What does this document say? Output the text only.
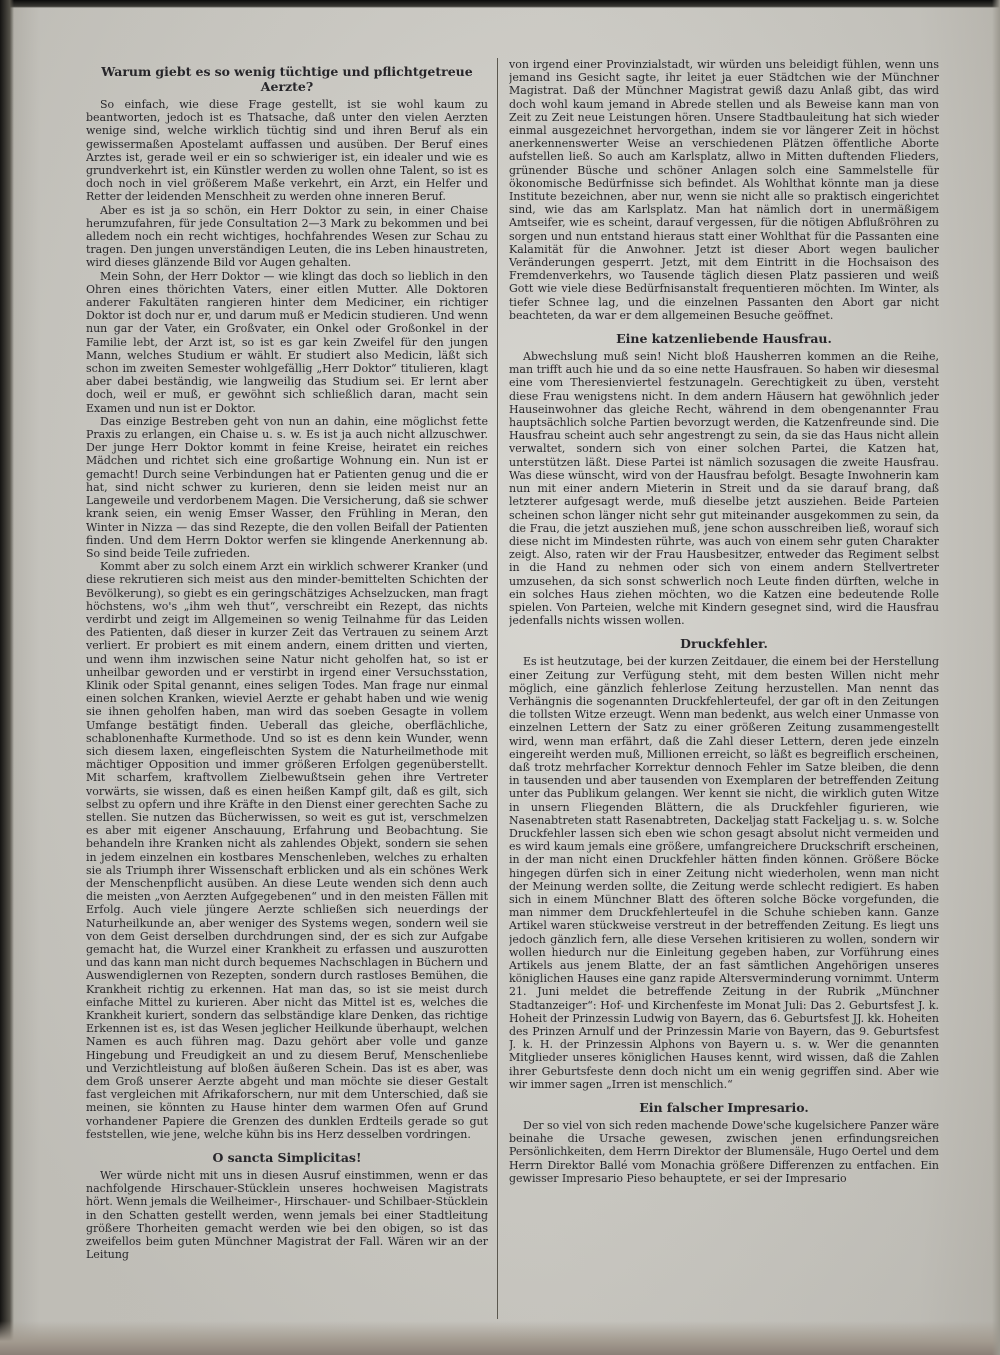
Warum giebt es so wenig tüchtige und pflichtgetreue Aerzte?

So einfach, wie diese Frage gestellt, ist sie wohl kaum zu beantworten, jedoch ist es Thatsache, daß unter den vielen Aerzten wenige sind, welche wirklich tüchtig sind und ihren Beruf als ein gewissermaßen Apostelamt auffassen und ausüben. Der Beruf eines Arztes ist, gerade weil er ein so schwieriger ist, ein idealer und wie es grundverkehrt ist, ein Künstler werden zu wollen ohne Talent, so ist es doch noch in viel größerem Maße verkehrt, ein Arzt, ein Helfer und Retter der leidenden Menschheit zu werden ohne inneren Beruf.

Aber es ist ja so schön, ein Herr Doktor zu sein, in einer Chaise herumzufahren, für jede Consultation 2—3 Mark zu bekommen und bei alledem noch ein recht wichtiges, hochfahrendes Wesen zur Schau zu tragen. Den jungen unverständigen Leuten, die ins Leben hinaustreten, wird dieses glänzende Bild vor Augen gehalten.

Mein Sohn, der Herr Doktor — wie klingt das doch so lieblich in den Ohren eines thörichten Vaters, einer eitlen Mutter. Alle Doktoren anderer Fakultäten rangieren hinter dem Mediciner, ein richtiger Doktor ist doch nur er, und darum muß er Medicin studieren. Und wenn nun gar der Vater, ein Großvater, ein Onkel oder Großonkel in der Familie lebt, der Arzt ist, so ist es gar kein Zweifel für den jungen Mann, welches Studium er wählt. Er studiert also Medicin, läßt sich schon im zweiten Semester wohlgefällig „Herr Doktor“ titulieren, klagt aber dabei beständig, wie langweilig das Studium sei. Er lernt aber doch, weil er muß, er gewöhnt sich schließlich daran, macht sein Examen und nun ist er Doktor.

Das einzige Bestreben geht von nun an dahin, eine möglichst fette Praxis zu erlangen, ein Chaise u. s. w. Es ist ja auch nicht allzuschwer. Der junge Herr Doktor kommt in feine Kreise, heiratet ein reiches Mädchen und richtet sich eine großartige Wohnung ein. Nun ist er gemacht! Durch seine Verbindungen hat er Patienten genug und die er hat, sind nicht schwer zu kurieren, denn sie leiden meist nur an Langeweile und verdorbenem Magen. Die Versicherung, daß sie schwer krank seien, ein wenig Emser Wasser, den Frühling in Meran, den Winter in Nizza — das sind Rezepte, die den vollen Beifall der Patienten finden. Und dem Herrn Doktor werfen sie klingende Anerkennung ab. So sind beide Teile zufrieden.

Kommt aber zu solch einem Arzt ein wirklich schwerer Kranker (und diese rekrutieren sich meist aus den minder-bemittelten Schichten der Bevölkerung), so giebt es ein geringschätziges Achselzucken, man fragt höchstens, wo's „ihm weh thut“, verschreibt ein Rezept, das nichts verdirbt und zeigt im Allgemeinen so wenig Teilnahme für das Leiden des Patienten, daß dieser in kurzer Zeit das Vertrauen zu seinem Arzt verliert. Er probiert es mit einem andern, einem dritten und vierten, und wenn ihm inzwischen seine Natur nicht geholfen hat, so ist er unheilbar geworden und er verstirbt in irgend einer Versuchsstation, Klinik oder Spital genannt, eines seligen Todes. Man frage nur einmal einen solchen Kranken, wieviel Aerzte er gehabt haben und wie wenig sie ihnen geholfen haben, man wird das soeben Gesagte in vollem Umfange bestätigt finden. Ueberall das gleiche, oberflächliche, schablonenhafte Kurmethode. Und so ist es denn kein Wunder, wenn sich diesem laxen, eingefleischten System die Naturheilmethode mit mächtiger Opposition und immer größeren Erfolgen gegenüberstellt. Mit scharfem, kraftvollem Zielbewußtsein gehen ihre Vertreter vorwärts, sie wissen, daß es einen heißen Kampf gilt, daß es gilt, sich selbst zu opfern und ihre Kräfte in den Dienst einer gerechten Sache zu stellen. Sie nutzen das Bücherwissen, so weit es gut ist, verschmelzen es aber mit eigener Anschauung, Erfahrung und Beobachtung. Sie behandeln ihre Kranken nicht als zahlendes Objekt, sondern sie sehen in jedem einzelnen ein kostbares Menschenleben, welches zu erhalten sie als Triumph ihrer Wissenschaft erblicken und als ein schönes Werk der Menschenpflicht ausüben. An diese Leute wenden sich denn auch die meisten „von Aerzten Aufgegebenen“ und in den meisten Fällen mit Erfolg. Auch viele jüngere Aerzte schließen sich neuerdings der Naturheilkunde an, aber weniger des Systems wegen, sondern weil sie von dem Geist derselben durchdrungen sind, der es sich zur Aufgabe gemacht hat, die Wurzel einer Krankheit zu erfassen und auszurotten und das kann man nicht durch bequemes Nachschlagen in Büchern und Auswendiglernen von Rezepten, sondern durch rastloses Bemühen, die Krankheit richtig zu erkennen. Hat man das, so ist sie meist durch einfache Mittel zu kurieren. Aber nicht das Mittel ist es, welches die Krankheit kuriert, sondern das selbständige klare Denken, das richtige Erkennen ist es, ist das Wesen jeglicher Heilkunde überhaupt, welchen Namen es auch führen mag. Dazu gehört aber volle und ganze Hingebung und Freudigkeit an und zu diesem Beruf, Menschenliebe und Verzichtleistung auf bloßen äußeren Schein. Das ist es aber, was dem Groß unserer Aerzte abgeht und man möchte sie dieser Gestalt fast vergleichen mit Afrikaforschern, nur mit dem Unterschied, daß sie meinen, sie könnten zu Hause hinter dem warmen Ofen auf Grund vorhandener Papiere die Grenzen des dunklen Erdteils gerade so gut feststellen, wie jene, welche kühn bis ins Herz desselben vordringen.

O sancta Simplicitas!

Wer würde nicht mit uns in diesen Ausruf einstimmen, wenn er das nachfolgende Hirschauer-Stücklein unseres hochweisen Magistrats hört. Wenn jemals die Weilheimer-, Hirschauer- und Schilbaer-Stücklein in den Schatten gestellt werden, wenn jemals bei einer Stadtleitung größere Thorheiten gemacht werden wie bei den obigen, so ist das zweifellos beim guten Münchner Magistrat der Fall. Wären wir an der Leitung

von irgend einer Provinzialstadt, wir würden uns beleidigt fühlen, wenn uns jemand ins Gesicht sagte, ihr leitet ja euer Städtchen wie der Münchner Magistrat. Daß der Münchner Magistrat gewiß dazu Anlaß gibt, das wird doch wohl kaum jemand in Abrede stellen und als Beweise kann man von Zeit zu Zeit neue Leistungen hören. Unsere Stadtbauleitung hat sich wieder einmal ausgezeichnet hervorgethan, indem sie vor längerer Zeit in höchst anerkennenswerter Weise an verschiedenen Plätzen öffentliche Aborte aufstellen ließ. So auch am Karlsplatz, allwo in Mitten duftenden Flieders, grünender Büsche und schöner Anlagen solch eine Sammelstelle für ökonomische Bedürfnisse sich befindet. Als Wohlthat könnte man ja diese Institute bezeichnen, aber nur, wenn sie nicht alle so praktisch eingerichtet sind, wie das am Karlsplatz. Man hat nämlich dort in unermäßigem Amtseifer, wie es scheint, darauf vergessen, für die nötigen Abflußröhren zu sorgen und nun entstand hieraus statt einer Wohlthat für die Passanten eine Kalamität für die Anwohner. Jetzt ist dieser Abort wegen baulicher Veränderungen gesperrt. Jetzt, mit dem Eintritt in die Hochsaison des Fremdenverkehrs, wo Tausende täglich diesen Platz passieren und weiß Gott wie viele diese Bedürfnisanstalt frequentieren möchten. Im Winter, als tiefer Schnee lag, und die einzelnen Passanten den Abort gar nicht beachteten, da war er dem allgemeinen Besuche geöffnet.

Eine katzenliebende Hausfrau.

Abwechslung muß sein! Nicht bloß Hausherren kommen an die Reihe, man trifft auch hie und da so eine nette Hausfrauen. So haben wir diesesmal eine vom Theresienviertel festzunageln. Gerechtigkeit zu üben, versteht diese Frau wenigstens nicht. In dem andern Häusern hat gewöhnlich jeder Hauseinwohner das gleiche Recht, während in dem obengenannter Frau hauptsächlich solche Partien bevorzugt werden, die Katzenfreunde sind. Die Hausfrau scheint auch sehr angestrengt zu sein, da sie das Haus nicht allein verwaltet, sondern sich von einer solchen Partei, die Katzen hat, unterstützen läßt. Diese Partei ist nämlich sozusagen die zweite Hausfrau. Was diese wünscht, wird von der Hausfrau befolgt. Besagte Inwohnerin kam nun mit einer andern Mieterin in Streit und da sie darauf brang, daß letzterer aufgesagt werde, muß dieselbe jetzt ausziehen. Beide Parteien scheinen schon länger nicht sehr gut miteinander ausgekommen zu sein, da die Frau, die jetzt ausziehen muß, jene schon ausschreiben ließ, worauf sich diese nicht im Mindesten rührte, was auch von einem sehr guten Charakter zeigt. Also, raten wir der Frau Hausbesitzer, entweder das Regiment selbst in die Hand zu nehmen oder sich von einem andern Stellvertreter umzusehen, da sich sonst schwerlich noch Leute finden dürften, welche in ein solches Haus ziehen möchten, wo die Katzen eine bedeutende Rolle spielen. Von Parteien, welche mit Kindern gesegnet sind, wird die Hausfrau jedenfalls nichts wissen wollen.

Druckfehler.

Es ist heutzutage, bei der kurzen Zeitdauer, die einem bei der Herstellung einer Zeitung zur Verfügung steht, mit dem besten Willen nicht mehr möglich, eine gänzlich fehlerlose Zeitung herzustellen. Man nennt das Verhängnis die sogenannten Druckfehlerteufel, der gar oft in den Zeitungen die tollsten Witze erzeugt. Wenn man bedenkt, aus welch einer Unmasse von einzelnen Lettern der Satz zu einer größeren Zeitung zusammengestellt wird, wenn man erfährt, daß die Zahl dieser Lettern, deren jede einzeln eingereiht werden muß, Millionen erreicht, so läßt es begreiflich erscheinen, daß trotz mehrfacher Korrektur dennoch Fehler im Satze bleiben, die denn in tausenden und aber tausenden von Exemplaren der betreffenden Zeitung unter das Publikum gelangen. Wer kennt sie nicht, die wirklich guten Witze in unsern Fliegenden Blättern, die als Druckfehler figurieren, wie Nasenabtreten statt Rasenabtreten, Dackeljag statt Fackeljag u. s. w. Solche Druckfehler lassen sich eben wie schon gesagt absolut nicht vermeiden und es wird kaum jemals eine größere, umfangreichere Druckschrift erscheinen, in der man nicht einen Druckfehler hätten finden können. Größere Böcke hingegen dürfen sich in einer Zeitung nicht wiederholen, wenn man nicht der Meinung werden sollte, die Zeitung werde schlecht redigiert. Es haben sich in einem Münchner Blatt des öfteren solche Böcke vorgefunden, die man nimmer dem Druckfehlerteufel in die Schuhe schieben kann. Ganze Artikel waren stückweise verstreut in der betreffenden Zeitung. Es liegt uns jedoch gänzlich fern, alle diese Versehen kritisieren zu wollen, sondern wir wollen hiedurch nur die Einleitung gegeben haben, zur Vorführung eines Artikels aus jenem Blatte, der an fast sämtlichen Angehörigen unseres königlichen Hauses eine ganz rapide Altersverminderung vornimmt. Unterm 21. Juni meldet die betreffende Zeitung in der Rubrik „Münchner Stadtanzeiger“: Hof- und Kirchenfeste im Monat Juli: Das 2. Geburtsfest J. k. Hoheit der Prinzessin Ludwig von Bayern, das 6. Geburtsfest JJ. kk. Hoheiten des Prinzen Arnulf und der Prinzessin Marie von Bayern, das 9. Geburtsfest J. k. H. der Prinzessin Alphons von Bayern u. s. w. Wer die genannten Mitglieder unseres königlichen Hauses kennt, wird wissen, daß die Zahlen ihrer Geburtsfeste denn doch nicht um ein wenig gegriffen sind. Aber wie wir immer sagen „Irren ist menschlich.“

Ein falscher Impresario.

Der so viel von sich reden machende Dowe'sche kugelsichere Panzer wäre beinahe die Ursache gewesen, zwischen jenen erfindungsreichen Persönlichkeiten, dem Herrn Direktor der Blumensäle, Hugo Oertel und dem Herrn Direktor Ballé vom Monachia größere Differenzen zu entfachen. Ein gewisser Impresario Pieso behauptete, er sei der Impresario
